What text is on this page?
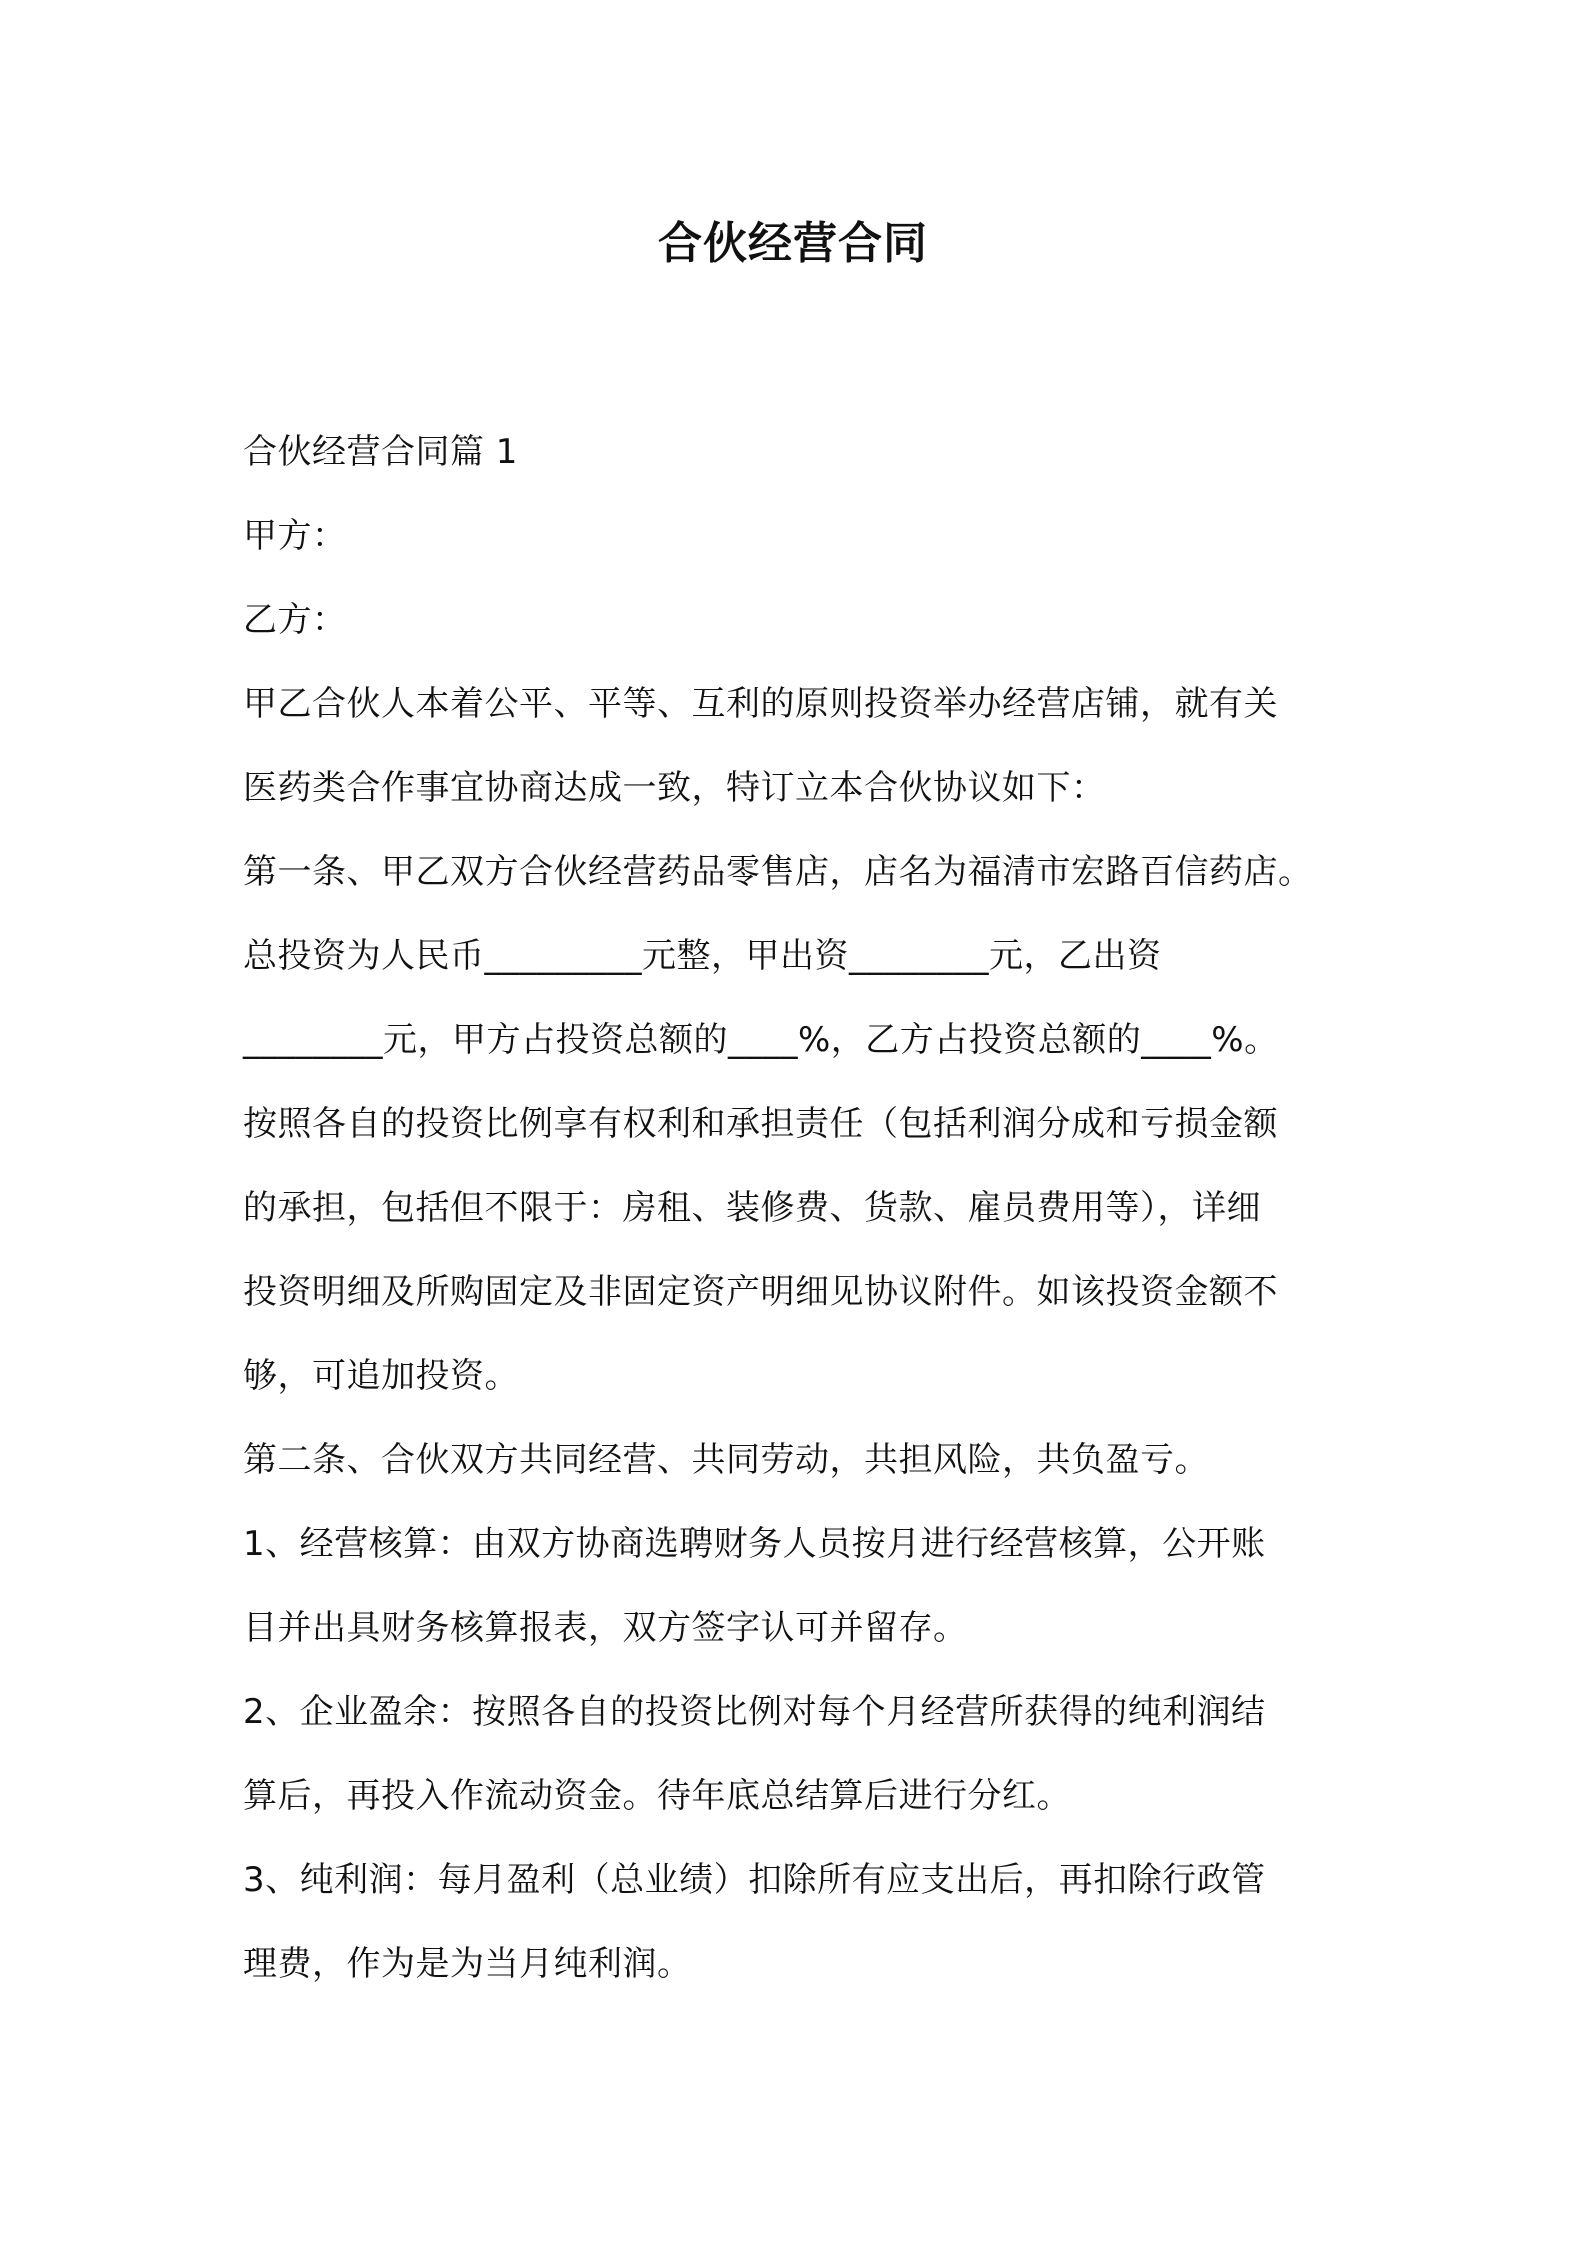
合伙经营合同

合伙经营合同篇 1

甲方：

乙方：

甲乙合伙人本着公平、平等、互利的原则投资举办经营店铺，就有关

医药类合作事宜协商达成一致，特订立本合伙协议如下：

第一条、甲乙双方合伙经营药品零售店，店名为福清市宏路百信药店。

总投资为人民币_________元整，甲出资________元，乙出资

________元，甲方占投资总额的____%，乙方占投资总额的____%。

按照各自的投资比例享有权利和承担责任（包括利润分成和亏损金额

的承担，包括但不限于：房租、装修费、货款、雇员费用等），详细

投资明细及所购固定及非固定资产明细见协议附件。如该投资金额不

够，可追加投资。

第二条、合伙双方共同经营、共同劳动，共担风险，共负盈亏。

1、经营核算：由双方协商选聘财务人员按月进行经营核算，公开账

目并出具财务核算报表，双方签字认可并留存。

2、企业盈余：按照各自的投资比例对每个月经营所获得的纯利润结

算后，再投入作流动资金。待年底总结算后进行分红。

3、纯利润：每月盈利（总业绩）扣除所有应支出后，再扣除行政管

理费，作为是为当月纯利润。
